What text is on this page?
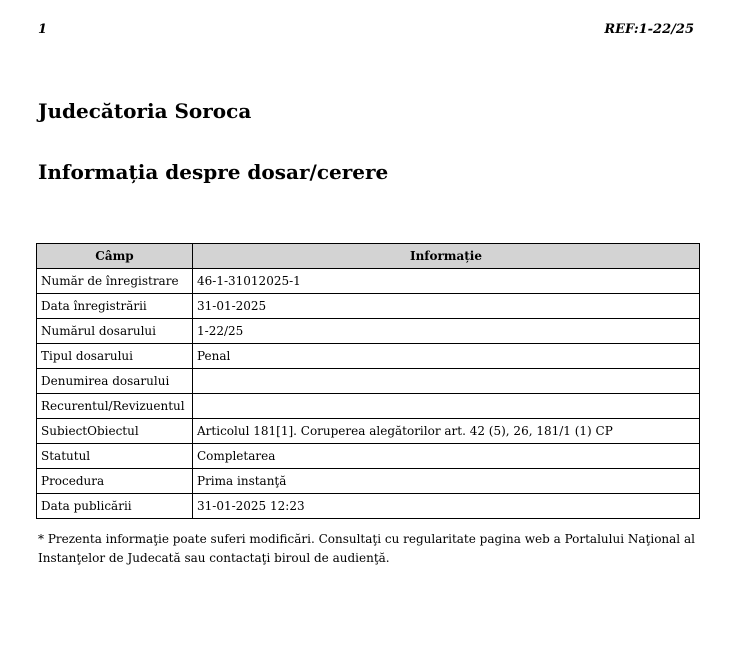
1	REF:1-22/25
Judecătoria Soroca
Informația despre dosar/cerere
Câmp	Informație
Număr de înregistrare	46-1-31012025-1
Data înregistrării	31-01-2025
Numărul dosarului	1-22/25
Tipul dosarului	Penal
Denumirea dosarului	
Recurentul/Revizuentul	
SubiectObiectul	Articolul 181[1]. Coruperea alegătorilor art. 42 (5), 26, 181/1 (1) CP
Statutul	Completarea
Procedura	Prima instanţă
Data publicării	31-01-2025 12:23

* Prezenta informaţie poate suferi modificări. Consultaţi cu regularitate pagina web a Portalului Naţional al Instanţelor de Judecată sau contactaţi biroul de audienţă.
